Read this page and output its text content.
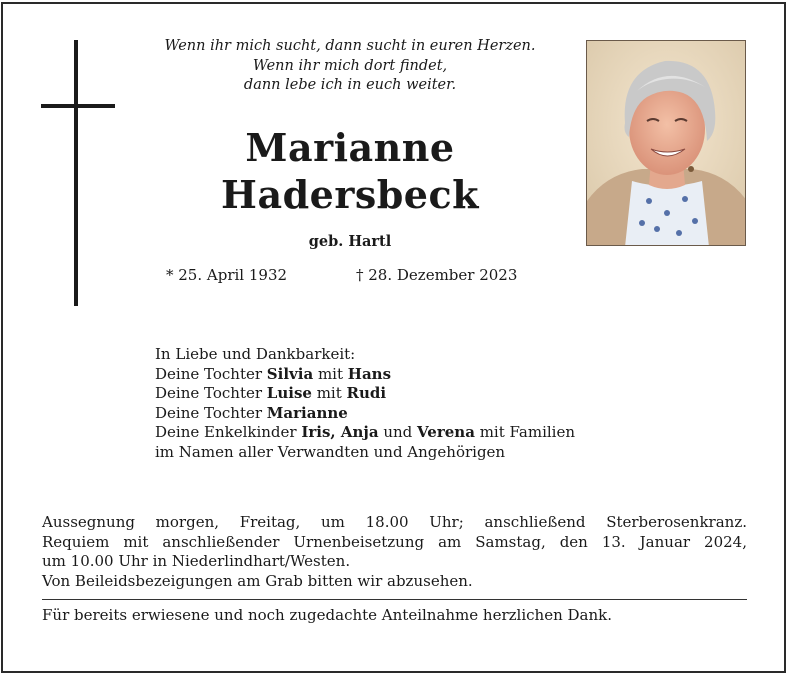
Wenn ihr mich sucht, dann sucht in euren Herzen.
Wenn ihr mich dort findet,
dann lebe ich in euch weiter.
Marianne
Hadersbeck
geb. Hartl
* 25. April 1932	† 28. Dezember 2023
In Liebe und Dankbarkeit:
Deine Tochter Silvia mit Hans
Deine Tochter Luise mit Rudi
Deine Tochter Marianne
Deine Enkelkinder Iris, Anja und Verena mit Familien
im Namen aller Verwandten und Angehörigen
Aussegnung morgen, Freitag, um 18.00 Uhr; anschließend Sterberosenkranz.
Requiem mit anschließender Urnenbeisetzung am Samstag, den 13. Januar 2024,
um 10.00 Uhr in Niederlindhart/Westen.
Von Beileidsbezeigungen am Grab bitten wir abzusehen.
Für bereits erwiesene und noch zugedachte Anteilnahme herzlichen Dank.
